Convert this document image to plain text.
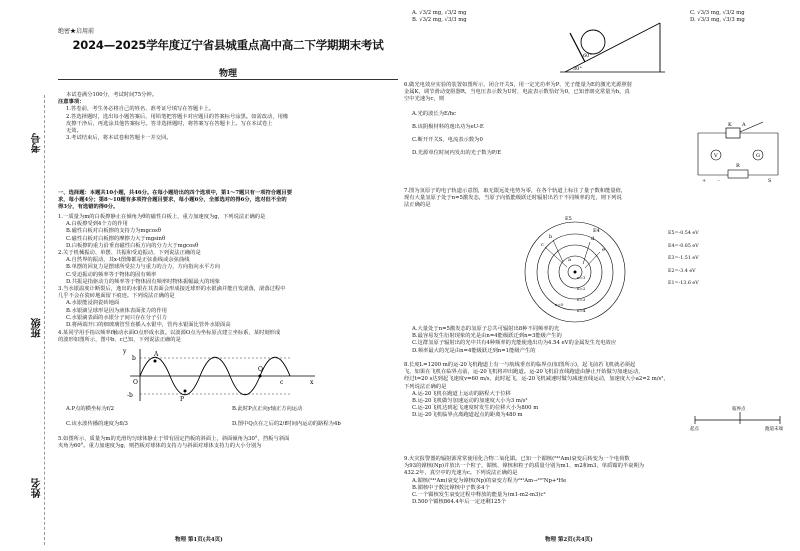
考号
班级
姓名
绝密★启用前
2024—2025学年度辽宁省县城重点高中高二下学期期末考试
物理

本试卷满分100分，考试时间75分钟。

注意事项：

1.答卷前，考生务必将自己的姓名、准考证号填写在答题卡上。

2.答选择题时，选出每小题答案后，用铅笔把答题卡对应题目的答案标号涂黑。如需改动，用橡

皮擦干净后，再选涂其他答案标号。答非选择题时，将答案写在答题卡上。写在本试卷上

无效。

3.考试结束后，将本试卷和答题卡一并交回。

一、选择题：本题共10小题，共46分。在每小题给出的四个选项中，第1～7题只有一项符合题目要

求，每小题4分；第8～10题有多项符合题目要求，每小题6分，全部选对的得6分，选对但不全的

得3分，有选错的得0分。

1.一质量为m的白板擦静止在倾角为θ的磁性白板上，重力加速度为g，下列说法正确的是

A.白板擦受到4个力的作用

B.磁性白板对白板擦的支持力为mgcosθ

C.磁性白板对白板擦的摩擦力大于mgsinθ

D.白板擦的重力沿垂直磁性白板方向的分力大于mgcosθ

2.关于机械振动、单摆、共振和受迫振动，下列说法正确的是

A.自然界的振动，其x-t图像都是正弦曲线或余弦曲线

B.单摆的回复力是摆球所受拉力与重力的合力，方向指向水平方向

C.受迫振动的频率等于物体的固有频率

D.共振是指驱动力的频率等于物体固有频率时物体振幅最大的现象

3.当水银温度计断裂后，逸出的水银在其表面会形成接近球形的水银滴并能自发滚落，滚落过程中

几乎不会在瓷砖地面留下痕迹。下列说法正确的是

A.水银能浸润瓷砖地面

B.水银滴呈球形是因为液体表面张力的作用

C.水银滴表面的水银分子间只存在分子引力

D.将两端开口的细玻璃管竖直插入水银中，管内水银面比管外水银面高

4.某同学用手指以频率f触动水面O点形成水波。以波源O点为坐标原点建立坐标系，某时刻形成

的波形如图所示，图中b、c已知，下列说法正确的是

y
b
-b
O
A
P
Q
c	x
A.P点的横坐标为f/2	B.此时P点正向y轴正方向运动
C.该水波传播的速度为fl/3	D.图中Q点在之后的2/f时间内运动的路程为4b

5.如图所示，质量为m的光滑均匀球体静止于带有固定挡板的斜面上，斜面倾角为30°，挡板与斜面

夹角为60°。重力加速度为g，则挡板对球体的支持力与斜面对球体支持力的大小分别为

物理 第1页(共4页)
60°
30°

A. √3/2 mg, √3/2 mg

B. √3/2 mg, √3/3 mg

C. √3/3 mg, √3/2 mg

D. √3/3 mg, √3/3 mg

6.做光电效应实验的装置如图所示，闭合开关S，用一定光功率为P、光子能量为E的激光光源照射

金属K，调节滑动变阻器R，当电压表示数为U时，电流表示数恰好为0，已知普朗克常量为h，真

空中光速为c，则

A.光的波长为E/hc

B.该阴极材料的逸出功为eU-E

C.断开开关S，电流表示数为0

D.光源单位时间内发出的光子数为P/E

K A
V	G
R
S
+ -

7.图为氢原子的电子轨道示意图，取无限远处电势为零，在各个轨道上标注了量子数和能量值，

现有大量氢原子处于n=5激发态，当原子向低能级跃迁时辐射出若干不同频率的光，则下列说

法正确的是

n=1
n=2
n=3
n=4
n=5
E5
E4
b
c
d
e
a

E5=-0.54 eV

E4=-0.85 eV

E3=-1.51 eV

E2=-3.4 eV

E1=-13.6 eV

A.大量处于n=5激发态的氢原子总共可辐射出8种不同频率的光

B.最容易发生衍射现象的光是由n=4能级跃迁到n=3能级产生的

C.这群氢原子辐射出的光中共有4种频率的光能使逸出功为4.54 eV的金属发生光电效应

D.频率最大的光是由n=4能级跃迁到n=1能级产生的

8.长度L=1200 m的运-20飞机跑道上有一与航线垂直的临界点(如图所示)，起飞前若飞机就必须起

飞，如果在飞机在临界点前，运-20飞机将冲出跑道。运-20飞机沿直线跑道由静止开始做匀加速运动，

经过t=20 s达到起飞速度v=60 m/s，此时起飞，运-20飞机减速时做匀减速直线运动，加速度大小a2=2 m/s²，

下列说法正确的是

A.运-20飞机在跑道上运动的路程大于位移

B.运-20飞机做匀加速运动的加速度大小为3 m/s²

C.运-20飞机达到起飞速度时发生的位移大小为800 m

D.运-20飞机临界点离跑道起点的距离为480 m

临界点
起点	跑道末端

9.火灾报警器的辐射源常常使用化合物二氧化镅。已知一个镅核(²⁴¹Am)衰变后转变为一个电荷数

为93的镎核(Np)并放出一个粒子，镅核、镎核和粒子的质量分别为m1、m2和m3，单质镅的半衰期为

432.2年，真空中的光速为c。下列说法正确的是

A.镅核(²⁴¹Am)衰变为镎核(Np)的衰变方程为²⁴¹Am→²³⁷Np+⁴He

B.镅核中子数比镎核中子数多4个

C.一个镅核发生衰变过程中释放的能量为(m1-m2-m3)c²

D.500个镅核864.4年后一定还剩125个

物理 第2页(共4页)
